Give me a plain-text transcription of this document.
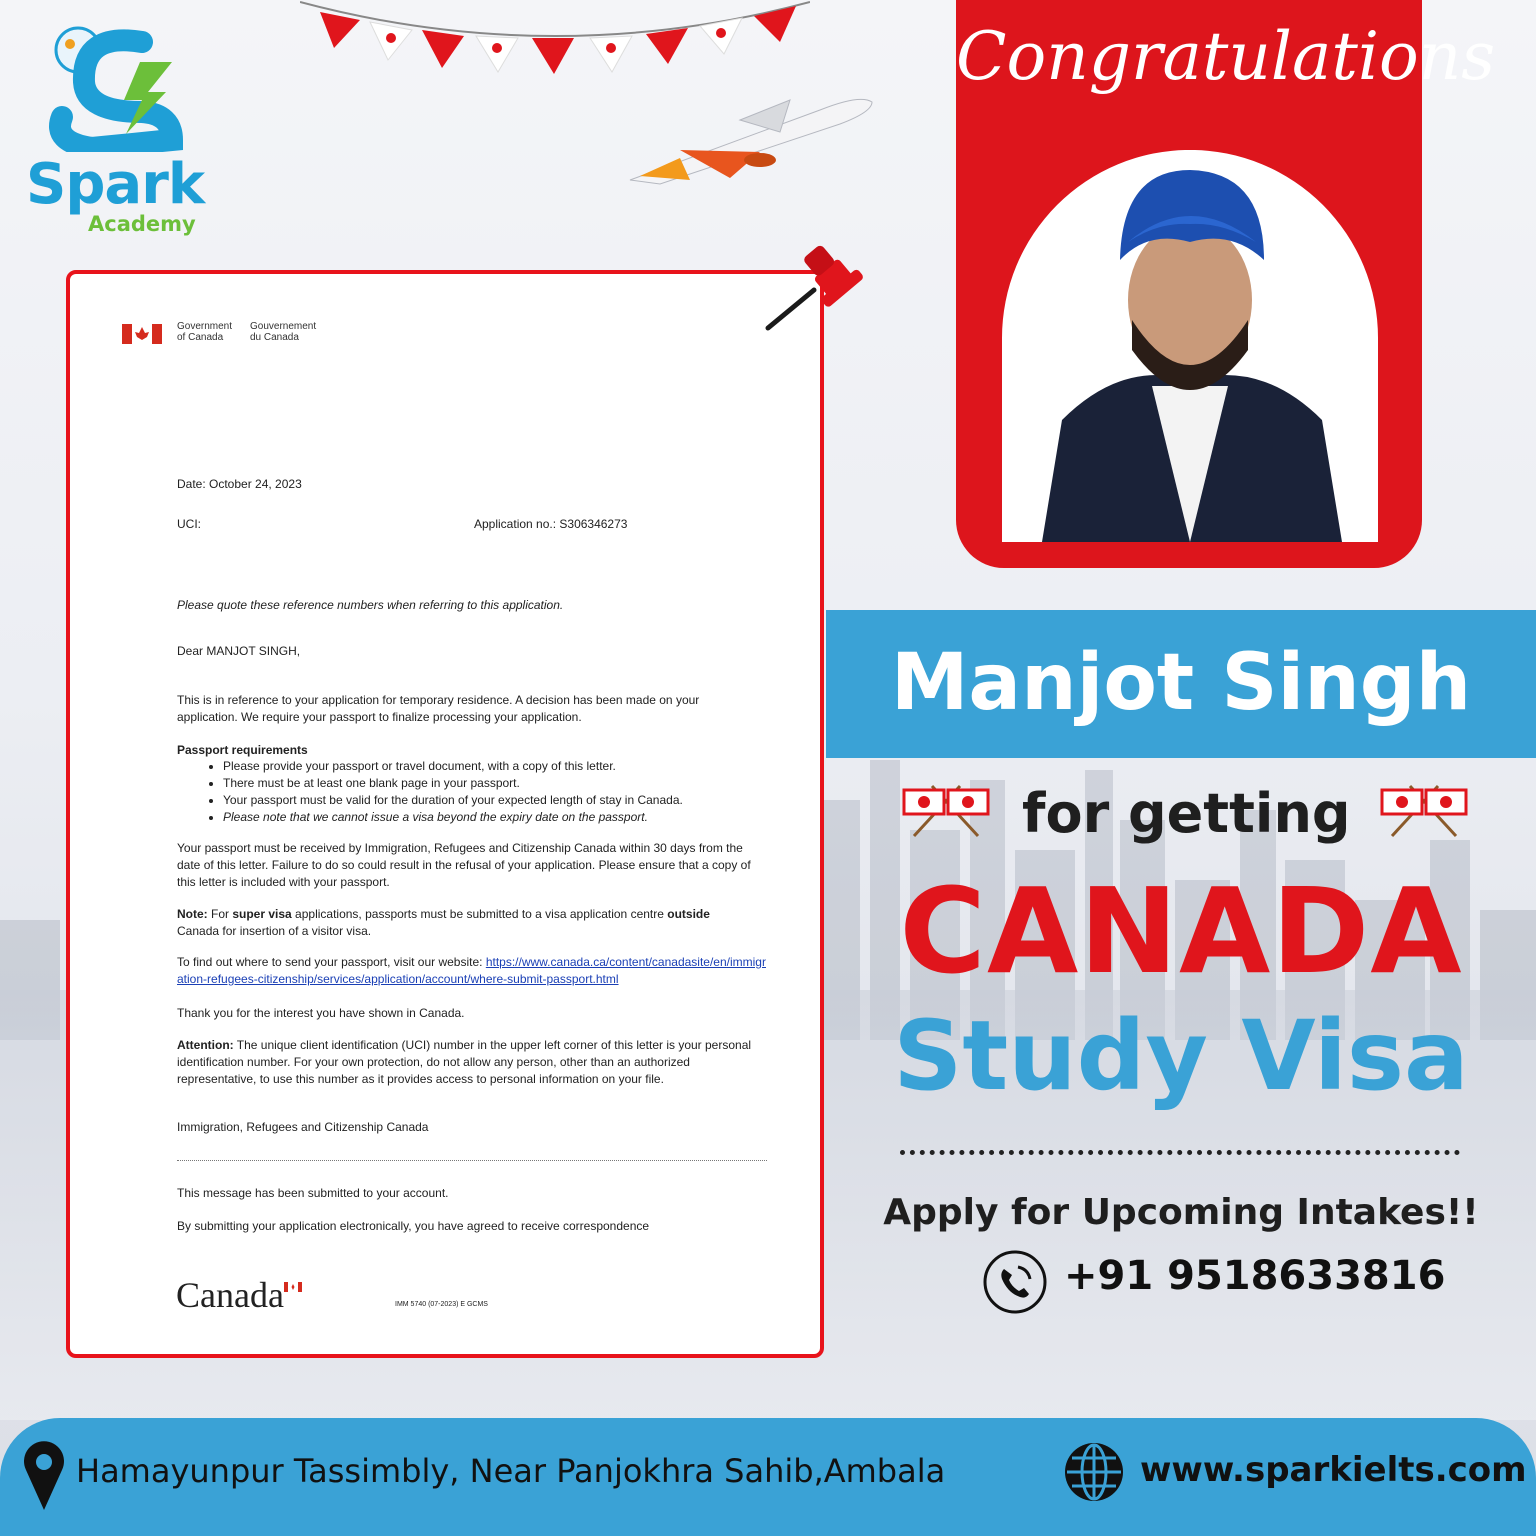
Spark
Academy
Government
of Canada
Gouvernement
du Canada
Date: October 24, 2023
UCI:	Application no.: S306346273
Please quote these reference numbers when referring to this application.
Dear MANJOT SINGH,
This is in reference to your application for temporary residence. A decision has been made on your application. We require your passport to finalize processing your application.
Passport requirements
• Please provide your passport or travel document, with a copy of this letter.
• There must be at least one blank page in your passport.
• Your passport must be valid for the duration of your expected length of stay in Canada.
• Please note that we cannot issue a visa beyond the expiry date on the passport.
Your passport must be received by Immigration, Refugees and Citizenship Canada within 30 days from the date of this letter. Failure to do so could result in the refusal of your application. Please ensure that a copy of this letter is included with your passport.
Note: For super visa applications, passports must be submitted to a visa application centre outside Canada for insertion of a visitor visa.
To find out where to send your passport, visit our website: https://www.canada.ca/content/canadasite/en/immigration-refugees-citizenship/services/application/account/where-submit-passport.html
Thank you for the interest you have shown in Canada.
Attention: The unique client identification (UCI) number in the upper left corner of this letter is your personal identification number. For your own protection, do not allow any person, other than an authorized representative, to use this number as it provides access to personal information on your file.
Immigration, Refugees and Citizenship Canada
This message has been submitted to your account.
By submitting your application electronically, you have agreed to receive correspondence
Canada	IMM 5740 (07-2023) E GCMS
Congratulations
Manjot Singh
for getting
CANADA
Study Visa
Apply for Upcoming Intakes!!
+91 9518633816
Hamayunpur Tassimbly, Near Panjokhra Sahib,Ambala	www.sparkielts.com
